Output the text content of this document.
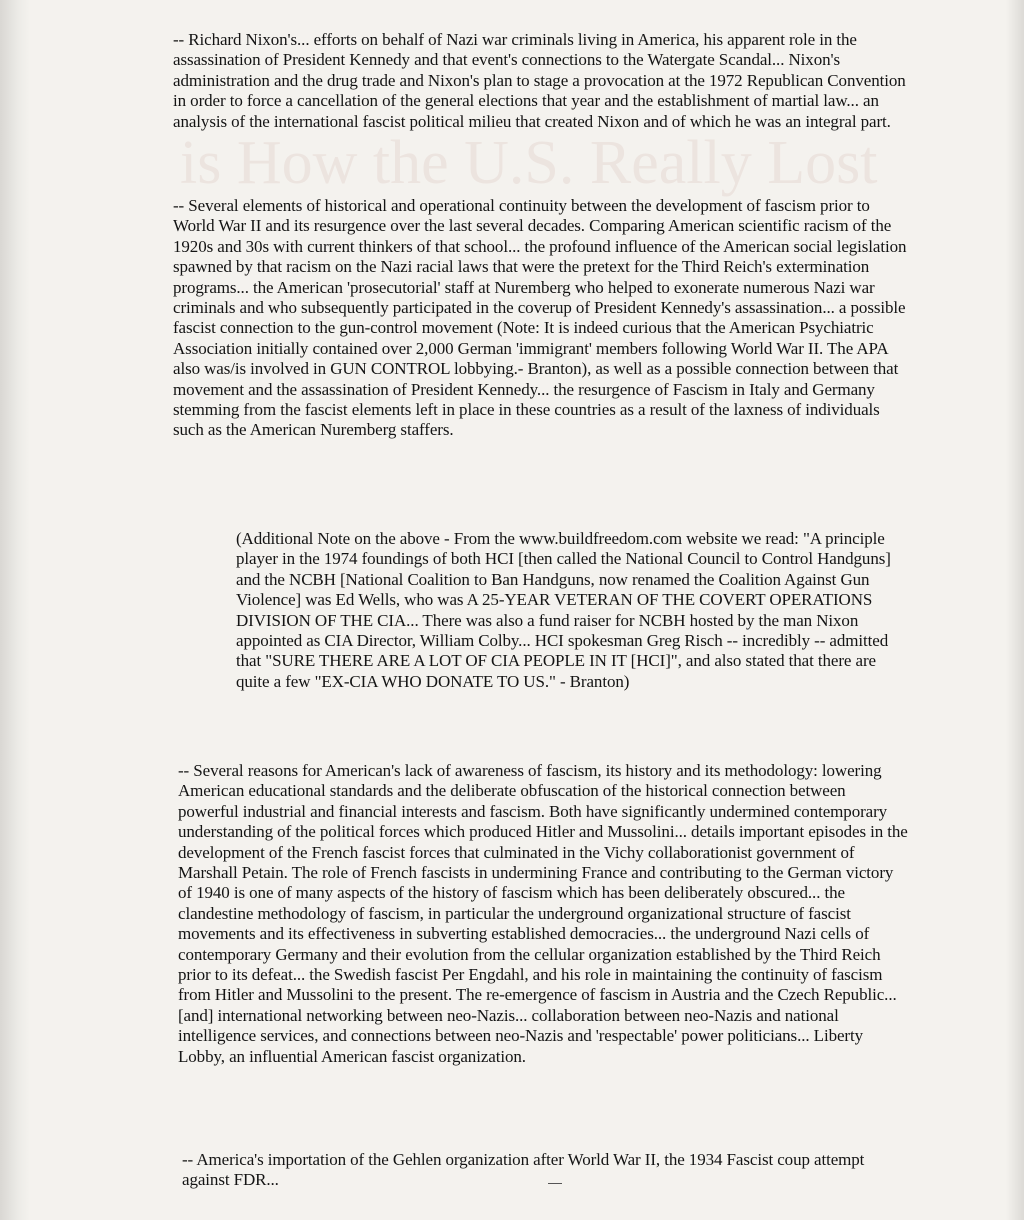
is How the U.S. Really Lost

-- Richard Nixon's... efforts on behalf of Nazi war criminals living in America, his apparent role in the assassination of President Kennedy and that event's connections to the Watergate Scandal... Nixon's administration and the drug trade and Nixon's plan to stage a provocation at the 1972 Republican Convention in order to force a cancellation of the general elections that year and the establishment of martial law... an analysis of the international fascist political milieu that created Nixon and of which he was an integral part.

-- Several elements of historical and operational continuity between the development of fascism prior to World War II and its resurgence over the last several decades. Comparing American scientific racism of the 1920s and 30s with current thinkers of that school... the profound influence of the American social legislation spawned by that racism on the Nazi racial laws that were the pretext for the Third Reich's extermination programs... the American 'prosecutorial' staff at Nuremberg who helped to exonerate numerous Nazi war criminals and who subsequently participated in the coverup of President Kennedy's assassination... a possible fascist connection to the gun-control movement (Note: It is indeed curious that the American Psychiatric Association initially contained over 2,000 German 'immigrant' members following World War II. The APA also was/is involved in GUN CONTROL lobbying.- Branton), as well as a possible connection between that movement and the assassination of President Kennedy... the resurgence of Fascism in Italy and Germany stemming from the fascist elements left in place in these countries as a result of the laxness of individuals such as the American Nuremberg staffers.

(Additional Note on the above - From the www.buildfreedom.com website we read: "A principle player in the 1974 foundings of both HCI [then called the National Council to Control Handguns] and the NCBH [National Coalition to Ban Handguns, now renamed the Coalition Against Gun Violence] was Ed Wells, who was A 25-YEAR VETERAN OF THE COVERT OPERATIONS DIVISION OF THE CIA... There was also a fund raiser for NCBH hosted by the man Nixon appointed as CIA Director, William Colby... HCI spokesman Greg Risch -- incredibly -- admitted that "SURE THERE ARE A LOT OF CIA PEOPLE IN IT [HCI]", and also stated that there are quite a few "EX-CIA WHO DONATE TO US." - Branton)

-- Several reasons for American's lack of awareness of fascism, its history and its methodology: lowering American educational standards and the deliberate obfuscation of the historical connection between powerful industrial and financial interests and fascism. Both have significantly undermined contemporary understanding of the political forces which produced Hitler and Mussolini... details important episodes in the development of the French fascist forces that culminated in the Vichy collaborationist government of Marshall Petain. The role of French fascists in undermining France and contributing to the German victory of 1940 is one of many aspects of the history of fascism which has been deliberately obscured... the clandestine methodology of fascism, in particular the underground organizational structure of fascist movements and its effectiveness in subverting established democracies... the underground Nazi cells of contemporary Germany and their evolution from the cellular organization established by the Third Reich prior to its defeat... the Swedish fascist Per Engdahl, and his role in maintaining the continuity of fascism from Hitler and Mussolini to the present. The re-emergence of fascism in Austria and the Czech Republic... [and] international networking between neo-Nazis... collaboration between neo-Nazis and national intelligence services, and connections between neo-Nazis and 'respectable' power politicians... Liberty Lobby, an influential American fascist organization.

-- America's importation of the Gehlen organization after World War II, the 1934 Fascist coup attempt against FDR...
